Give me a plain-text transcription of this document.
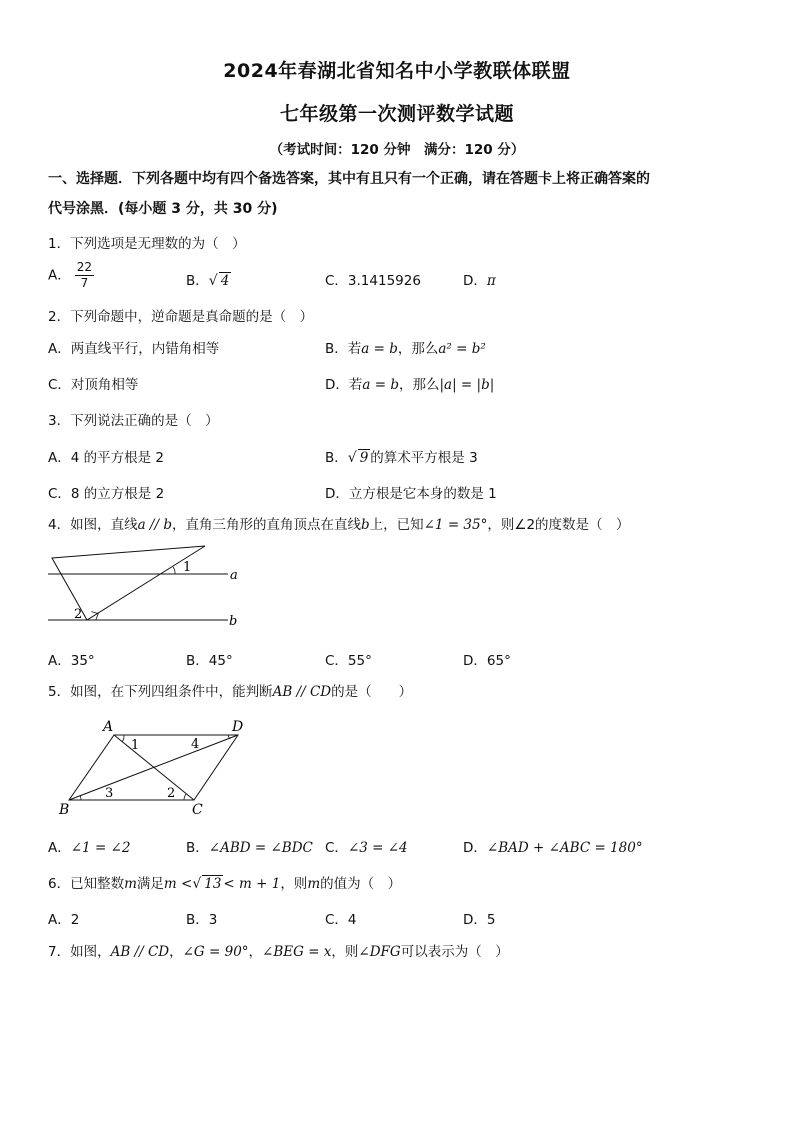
2024年春湖北省知名中小学教联体联盟
七年级第一次测评数学试题
（考试时间：120 分钟　满分：120 分）
一、选择题．下列各题中均有四个备选答案，其中有且只有一个正确，请在答题卡上将正确答案的
代号涂黑．(每小题 3 分，共 30 分)
1．下列选项是无理数的为（　）
A． $\frac{22}{7}$	B．√ 4	C．3.1415926	D．π
2．下列命题中，逆命题是真命题的是（　）
A．两直线平行，内错角相等	B．若a = b，那么a² = b²
C．对顶角相等	D．若a = b，那么|a| = |b|
3．下列说法正确的是（　）
A．4 的平方根是 2	B．√ 9 的算术平方根是 3
C．8 的立方根是 2	D．立方根是它本身的数是 1
4．如图，直线a // b，直角三角形的直角顶点在直线b上，已知∠1 = 35°，则∠2的度数是（　）
a
b
1
2
A．35°	B．45°	C．55°	D．65°
5．如图，在下列四组条件中，能判断AB // CD的是（　　）
A	D
B	C
1	4
3	2
A．∠1 = ∠2	B．∠ABD = ∠BDC C．∠3 = ∠4	D．∠BAD + ∠ABC = 180°
6．已知整数m满足m <√ 13 < m + 1，则m的值为（　）
A．2	B．3	C．4	D．5
7．如图，AB // CD，∠G = 90°，∠BEG = x，则∠DFG可以表示为（　）
